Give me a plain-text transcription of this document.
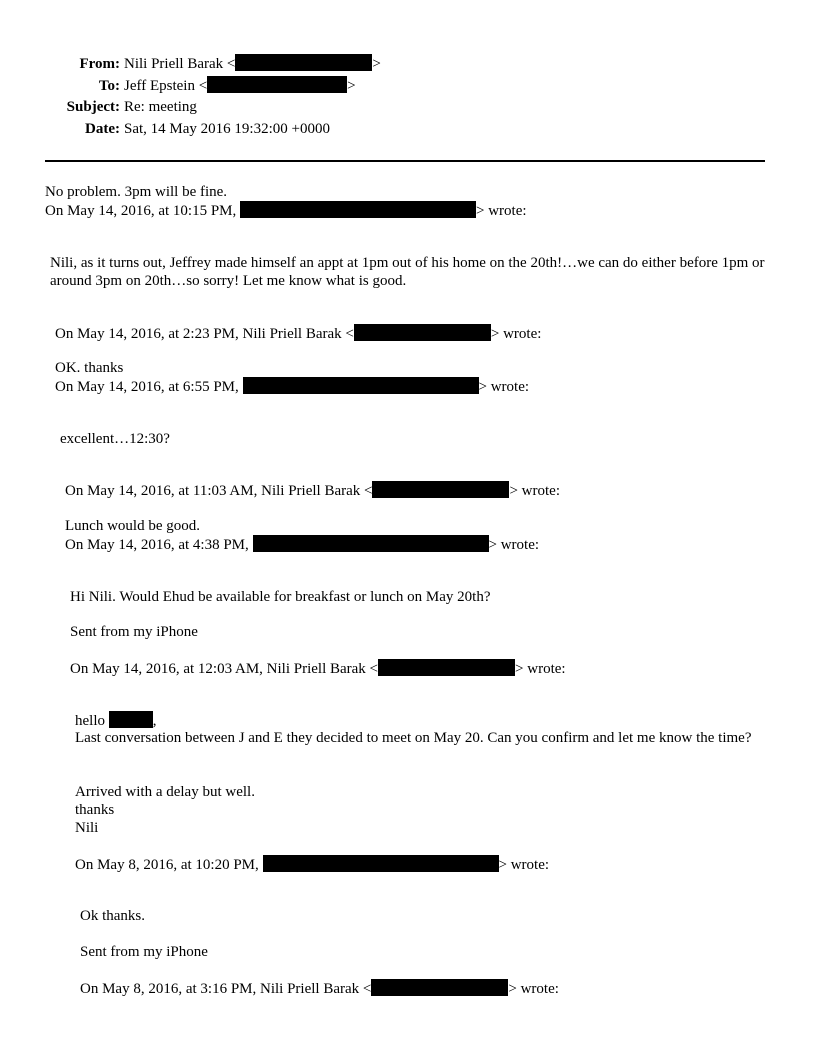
From: Nili Priell Barak <	>
To: Jeff Epstein <	>
Subject: Re: meeting
Date: Sat, 14 May 2016 19:32:00 +0000
No problem. 3pm will be fine.
On May 14, 2016, at 10:15 PM,	> wrote:
Nili, as it turns out, Jeffrey made himself an appt at 1pm out of his home on the 20th!…we can do either before 1pm or around 3pm on 20th…so sorry! Let me know what is good.
On May 14, 2016, at 2:23 PM, Nili Priell Barak <	> wrote:
OK. thanks
On May 14, 2016, at 6:55 PM,	> wrote:
excellent…12:30?
On May 14, 2016, at 11:03 AM, Nili Priell Barak <	> wrote:
Lunch would be good.
On May 14, 2016, at 4:38 PM,	> wrote:
Hi Nili. Would Ehud be available for breakfast or lunch on May 20th?
Sent from my iPhone
On May 14, 2016, at 12:03 AM, Nili Priell Barak <	> wrote:
hello	,
Last conversation between J and E they decided to meet on May 20. Can you confirm and let me know the time?
Arrived with a delay but well.
thanks
Nili
On May 8, 2016, at 10:20 PM,	> wrote:
Ok thanks.
Sent from my iPhone
On May 8, 2016, at 3:16 PM, Nili Priell Barak <	> wrote:
